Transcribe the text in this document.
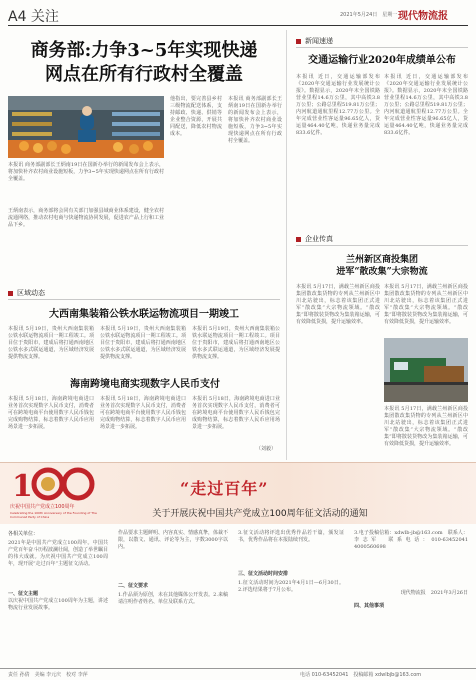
A4 关注	2021年5月24日　星期一 现代物流报
商务部:力争3~5年实现快递
网点在所有行政村全覆盖
本报讯 商务部副部长王炳南19日在国新办举行的新闻发布会上表示，将加快补齐农村商业设施短板，力争3~5年实现快递网点在所有行政村全覆盖。
王炳南表示，商务部将会同有关部门加强县域商业体系建设，健全农村流通网络，推动农村电商与快递物流协同发展，促进农产品上行和工业品下乡。
他指出，要完善县乡村三级物流配送体系，支持邮政、快递、供销等企业整合资源，开展共同配送，降低农村物流成本。
本报讯 商务部副部长王炳南19日在国新办举行的新闻发布会上表示，将加快补齐农村商业设施短板，力争3~5年实现快递网点在所有行政村全覆盖。
新闻速递
交通运输行业2020年成绩单公布
本报讯 近日，交通运输部发布《2020年交通运输行业发展统计公报》。数据显示，2020年末全国铁路营业里程14.6万公里，其中高铁3.8万公里；公路总里程519.81万公里；内河航道通航里程12.77万公里。全年完成营业性客运量96.65亿人，货运量464.40亿吨，快递业务量完成833.6亿件。
本报讯 近日，交通运输部发布《2020年交通运输行业发展统计公报》。数据显示，2020年末全国铁路营业里程14.6万公里，其中高铁3.8万公里；公路总里程519.81万公里；内河航道通航里程12.77万公里。全年完成营业性客运量96.65亿人，货运量464.40亿吨，快递业务量完成833.6亿件。
企业传真
兰州新区商投集团
进军“散改集”大宗物流
本报讯 5月17日，满载兰州新区商投集团散改集货物的专列从兰州新区中川北站驶出，标志着该集团正式进军“散改集”大宗物流领域。“散改集”即将散装货物改为集装箱运输，可有效降低货损，提升运输效率。
本报讯 5月17日，满载兰州新区商投集团散改集货物的专列从兰州新区中川北站驶出，标志着该集团正式进军“散改集”大宗物流领域。“散改集”即将散装货物改为集装箱运输，可有效降低货损，提升运输效率。
本报讯 5月17日，满载兰州新区商投集团散改集货物的专列从兰州新区中川北站驶出，标志着该集团正式进军“散改集”大宗物流领域。“散改集”即将散装货物改为集装箱运输，可有效降低货损，提升运输效率。
区域动态
大西南集装箱公铁水联运物流项目一期竣工
本报讯 5月19日，贵州大西南集装箱公铁水联运物流项目一期工程竣工。项目位于贵阳市，建成后将打通西南地区公铁水多式联运通道，为区域经济发展提供物流支撑。
本报讯 5月19日，贵州大西南集装箱公铁水联运物流项目一期工程竣工。项目位于贵阳市，建成后将打通西南地区公铁水多式联运通道，为区域经济发展提供物流支撑。
本报讯 5月19日，贵州大西南集装箱公铁水联运物流项目一期工程竣工。项目位于贵阳市，建成后将打通西南地区公铁水多式联运通道，为区域经济发展提供物流支撑。
海南跨境电商实现数字人民币支付
本报讯 5月18日，海南跨境电商进口业务首次实现数字人民币支付，消费者可在跨境电商平台使用数字人民币钱包完成购物结算，标志着数字人民币应用场景进一步拓展。
本报讯 5月18日，海南跨境电商进口业务首次实现数字人民币支付，消费者可在跨境电商平台使用数字人民币钱包完成购物结算，标志着数字人民币应用场景进一步拓展。
本报讯 5月18日，海南跨境电商进口业务首次实现数字人民币支付，消费者可在跨境电商平台使用数字人民币钱包完成购物结算，标志着数字人民币应用场景进一步拓展。
（刘毅）
1
庆祝中国共产党成立100周年
Celebrating the 100th Anniversary of the Founding of The Communist Party of China
“走过百年”
关于开展庆祝中国共产党成立100周年征文活动的通知
各相关单位：
2021年是中国共产党成立100周年。中国共产党百年奋斗历程波澜壮阔，创造了举世瞩目的伟大成就。为庆祝中国共产党成立100周年，现开展“走过百年”主题征文活动。
一、征文主题
以庆祝中国共产党成立100周年为主题，讲述物流行业发展故事。
作品要求主题鲜明、内容真实、情感真挚，体裁不限，以散文、通讯、评论等为主，字数3000字以内。
二、征文要求
1.作品须为原创，未在其他媒体公开发表。2.来稿请注明作者姓名、单位及联系方式。
3.征文活动将评选出优秀作品若干篇，颁发证书，优秀作品将在本报陆续刊发。
三、征文活动时间安排
1.征文活动时间为2021年4月1日—6月30日。2.评选结果将于7月公布。
3.电子投稿信箱：xdwlb-jb@163.com　联系人：李志军　联系电话：010-63452041　4000560698
现代物流报　2021年3月26日
四、其他事项
责任 孙倩　美编 李元庆　校对 李萍	电话 010-63452041　投稿邮箱 xdwlbjb@163.com
